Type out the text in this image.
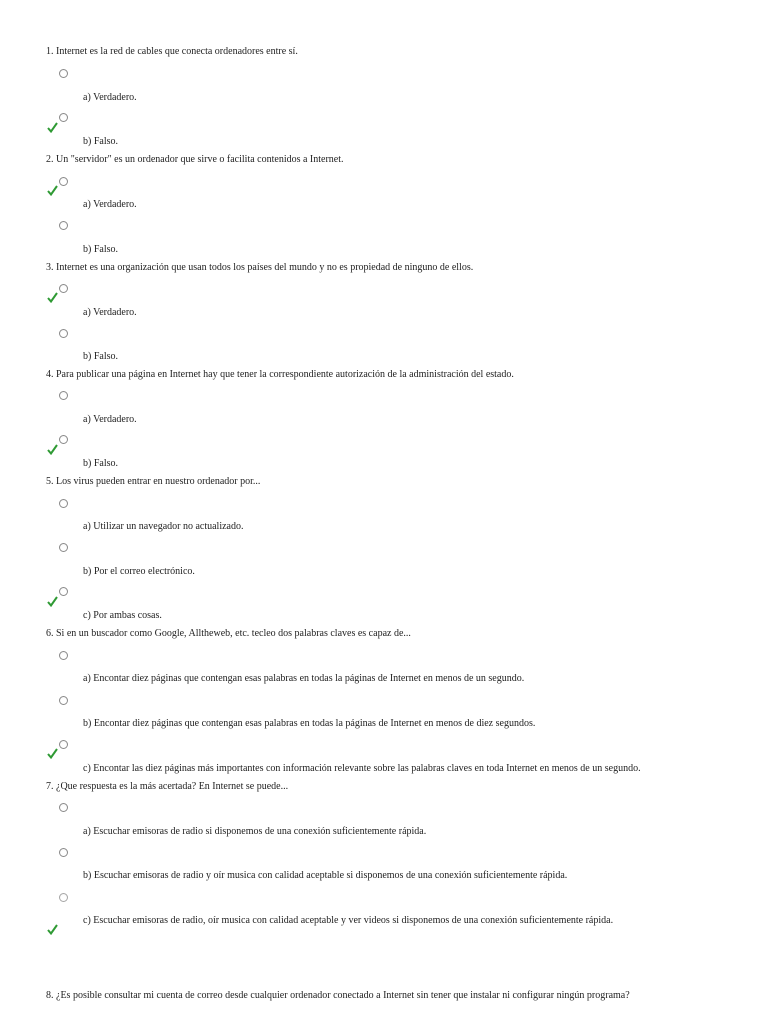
1. Internet es la red de cables que conecta ordenadores entre sí.
a) Verdadero.
b) Falso.
2. Un "servidor" es un ordenador que sirve o facilita contenidos a Internet.
a) Verdadero.
b) Falso.
3. Internet es una organización que usan todos los países del mundo y no es propiedad de ninguno de ellos.
a) Verdadero.
b) Falso.
4. Para publicar una página en Internet hay que tener la correspondiente autorización de la administración del estado.
a) Verdadero.
b) Falso.
5. Los virus pueden entrar en nuestro ordenador por...
a) Utilizar un navegador no actualizado.
b) Por el correo electrónico.
c) Por ambas cosas.
6. Si en un buscador como Google, Alltheweb, etc. tecleo dos palabras claves es capaz de...
a) Encontar diez páginas que contengan esas palabras en todas la páginas de Internet en menos de un segundo.
b) Encontar diez páginas que contengan esas palabras en todas la páginas de Internet en menos de diez segundos.
c) Encontar las diez páginas más importantes con información relevante sobre las palabras claves en toda Internet en menos de un segundo.
7. ¿Que respuesta es la más acertada? En Internet se puede...
a) Escuchar emisoras de radio si disponemos de una conexión suficientemente rápida.
b) Escuchar emisoras de radio y oír musica con calidad aceptable si disponemos de una conexión suficientemente rápida.
c) Escuchar emisoras de radio, oír musica con calidad aceptable y ver videos si disponemos de una conexión suficientemente rápida.
8. ¿Es posible consultar mi cuenta de correo desde cualquier ordenador conectado a Internet sin tener que instalar ni configurar ningún programa?
